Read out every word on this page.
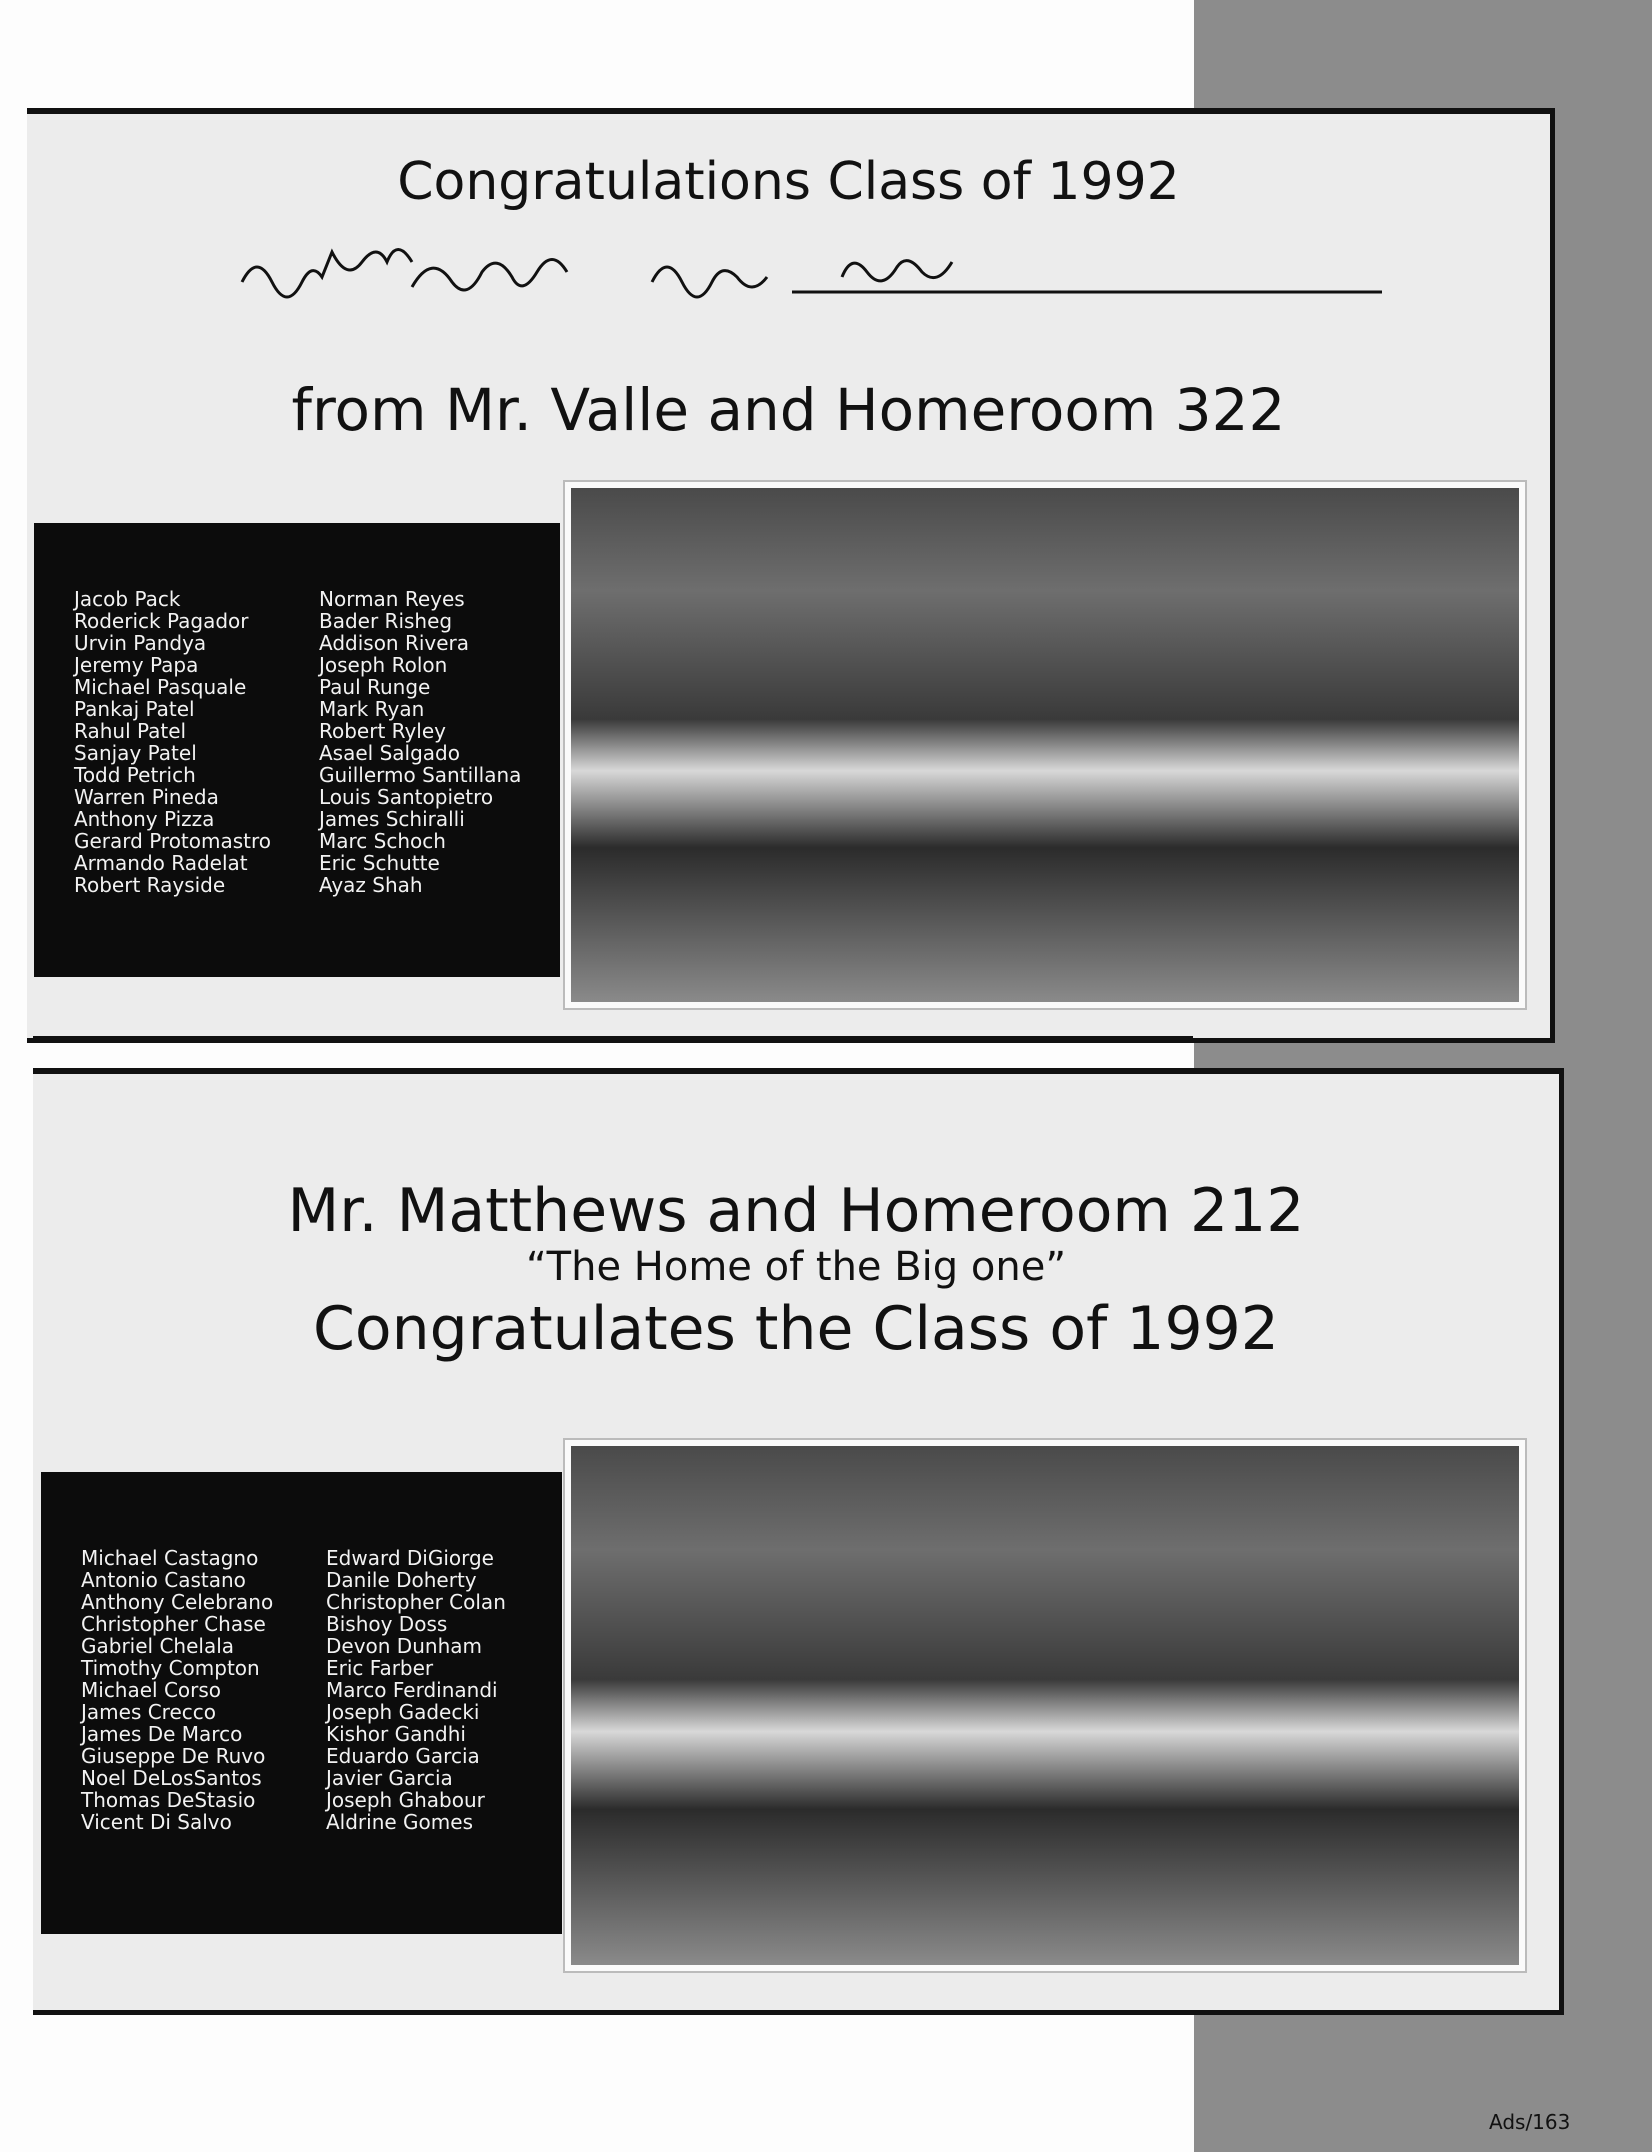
Congratulations Class of 1992
from Mr. Valle and Homeroom 322
Jacob Pack
Roderick Pagador
Urvin Pandya
Jeremy Papa
Michael Pasquale
Pankaj Patel
Rahul Patel
Sanjay Patel
Todd Petrich
Warren Pineda
Anthony Pizza
Gerard Protomastro
Armando Radelat
Robert Rayside
Norman Reyes
Bader Risheg
Addison Rivera
Joseph Rolon
Paul Runge
Mark Ryan
Robert Ryley
Asael Salgado
Guillermo Santillana
Louis Santopietro
James Schiralli
Marc Schoch
Eric Schutte
Ayaz Shah
Mr. Matthews and Homeroom 212
“The Home of the Big one”
Congratulates the Class of 1992
Michael Castagno
Antonio Castano
Anthony Celebrano
Christopher Chase
Gabriel Chelala
Timothy Compton
Michael Corso
James Crecco
James De Marco
Giuseppe De Ruvo
Noel DeLosSantos
Thomas DeStasio
Vicent Di Salvo
Edward DiGiorge
Danile Doherty
Christopher Colan
Bishoy Doss
Devon Dunham
Eric Farber
Marco Ferdinandi
Joseph Gadecki
Kishor Gandhi
Eduardo Garcia
Javier Garcia
Joseph Ghabour
Aldrine Gomes
Ads/163
